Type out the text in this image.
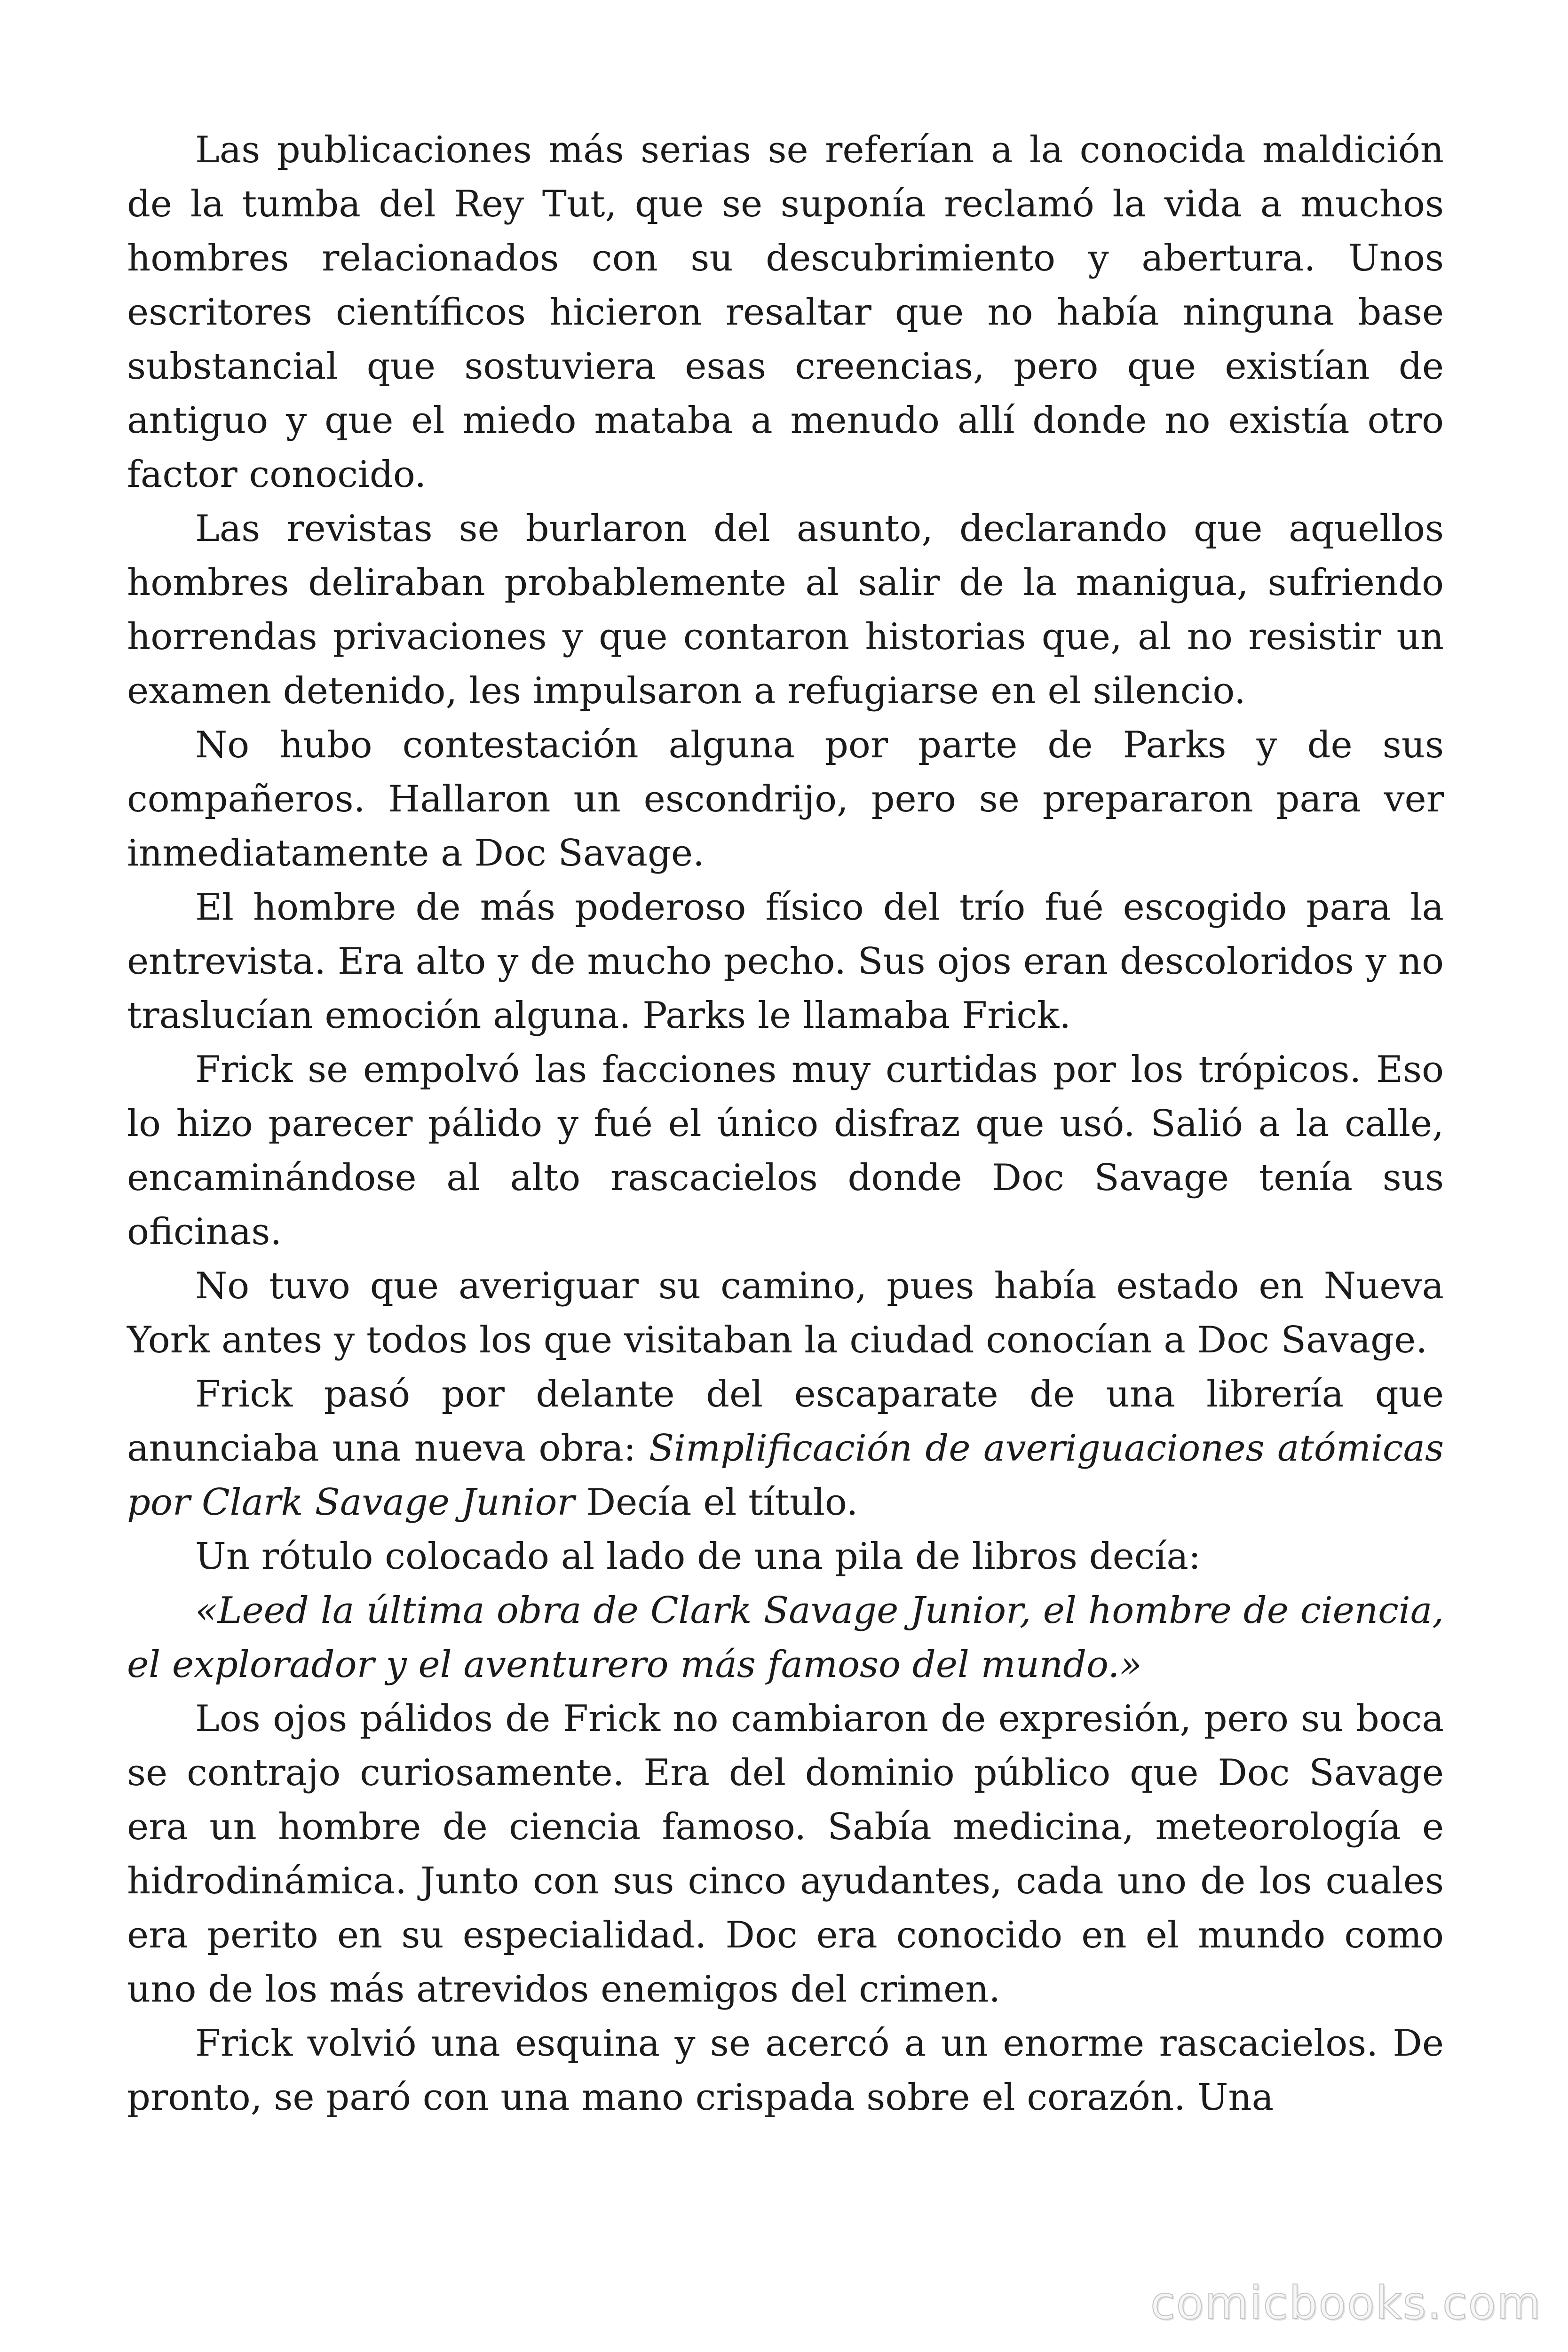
Las publicaciones más serias se referían a la conocida maldición de la tumba del Rey Tut, que se suponía reclamó la vida a muchos hombres relacionados con su descubrimiento y abertura. Unos escritores científicos hicieron resaltar que no había ninguna base substancial que sostuviera esas creencias, pero que existían de antiguo y que el miedo mataba a menudo allí donde no existía otro factor conocido.

Las revistas se burlaron del asunto, declarando que aquellos hombres deliraban probablemente al salir de la manigua, sufriendo horrendas privaciones y que contaron historias que, al no resistir un examen detenido, les impulsaron a refugiarse en el silencio.

No hubo contestación alguna por parte de Parks y de sus compañeros. Hallaron un escondrijo, pero se prepararon para ver inmediatamente a Doc Savage.

El hombre de más poderoso físico del trío fué escogido para la entrevista. Era alto y de mucho pecho. Sus ojos eran descoloridos y no traslucían emoción alguna. Parks le llamaba Frick.

Frick se empolvó las facciones muy curtidas por los trópicos. Eso lo hizo parecer pálido y fué el único disfraz que usó. Salió a la calle, encaminándose al alto rascacielos donde Doc Savage tenía sus oficinas.

No tuvo que averiguar su camino, pues había estado en Nueva York antes y todos los que visitaban la ciudad conocían a Doc Savage.

Frick pasó por delante del escaparate de una librería que anunciaba una nueva obra: Simplificación de averiguaciones atómicas por Clark Savage Junior Decía el título.

Un rótulo colocado al lado de una pila de libros decía:

«Leed la última obra de Clark Savage Junior, el hombre de ciencia, el explorador y el aventurero más famoso del mundo.»

Los ojos pálidos de Frick no cambiaron de expresión, pero su boca se contrajo curiosamente. Era del dominio público que Doc Savage era un hombre de ciencia famoso. Sabía medicina, meteorología e hidrodinámica. Junto con sus cinco ayudantes, cada uno de los cuales era perito en su especialidad. Doc era conocido en el mundo como uno de los más atrevidos enemigos del crimen.

Frick volvió una esquina y se acercó a un enorme rascacielos. De pronto, se paró con una mano crispada sobre el corazón. Una

comicbooks.com
